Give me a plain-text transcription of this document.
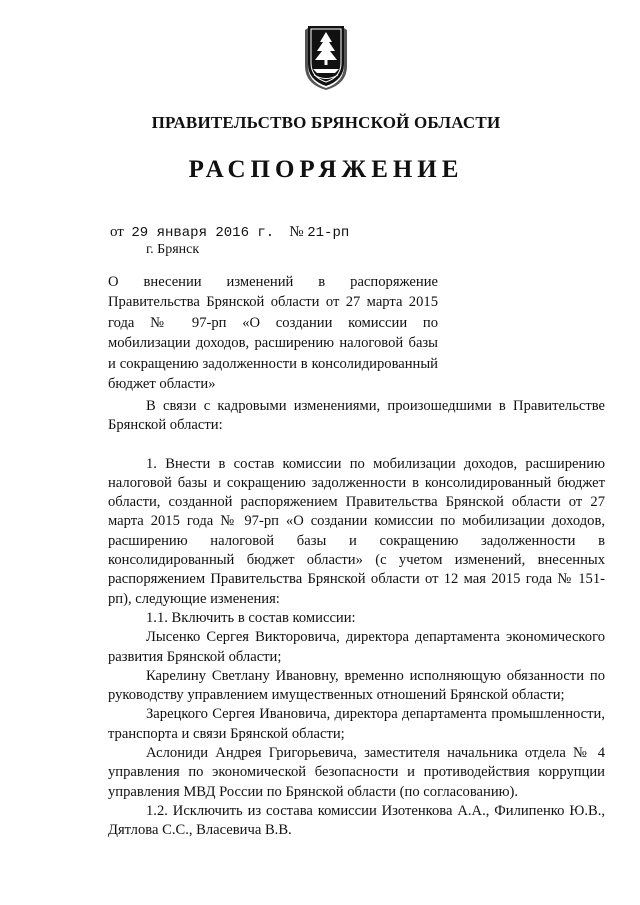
ПРАВИТЕЛЬСТВО БРЯНСКОЙ ОБЛАСТИ
РАСПОРЯЖЕНИЕ
от 29 января 2016 г. № 21-рп
г. Брянск
О внесении изменений в распоряжение Правительства Брянской области от 27 марта 2015 года № 97-рп «О создании комиссии по мобилизации доходов, расширению налоговой базы и сокращению задолженности в консолидированный бюджет области»

В связи с кадровыми изменениями, произошедшими в Правительстве Брянской области:

1. Внести в состав комиссии по мобилизации доходов, расширению налоговой базы и сокращению задолженности в консолидированный бюджет области, созданной распоряжением Правительства Брянской области от 27 марта 2015 года № 97-рп «О создании комиссии по мобилизации доходов, расширению налоговой базы и сокращению задолженности в консолидированный бюджет области» (с учетом изменений, внесенных распоряжением Правительства Брянской области от 12 мая 2015 года № 151-рп), следующие изменения:

1.1. Включить в состав комиссии:

Лысенко Сергея Викторовича, директора департамента экономического развития Брянской области;

Карелину Светлану Ивановну, временно исполняющую обязанности по руководству управлением имущественных отношений Брянской области;

Зарецкого Сергея Ивановича, директора департамента промышленности, транспорта и связи Брянской области;

Аслониди Андрея Григорьевича, заместителя начальника отдела № 4 управления по экономической безопасности и противодействия коррупции управления МВД России по Брянской области (по согласованию).

1.2. Исключить из состава комиссии Изотенкова А.А., Филипенко Ю.В., Дятлова С.С., Власевича В.В.
